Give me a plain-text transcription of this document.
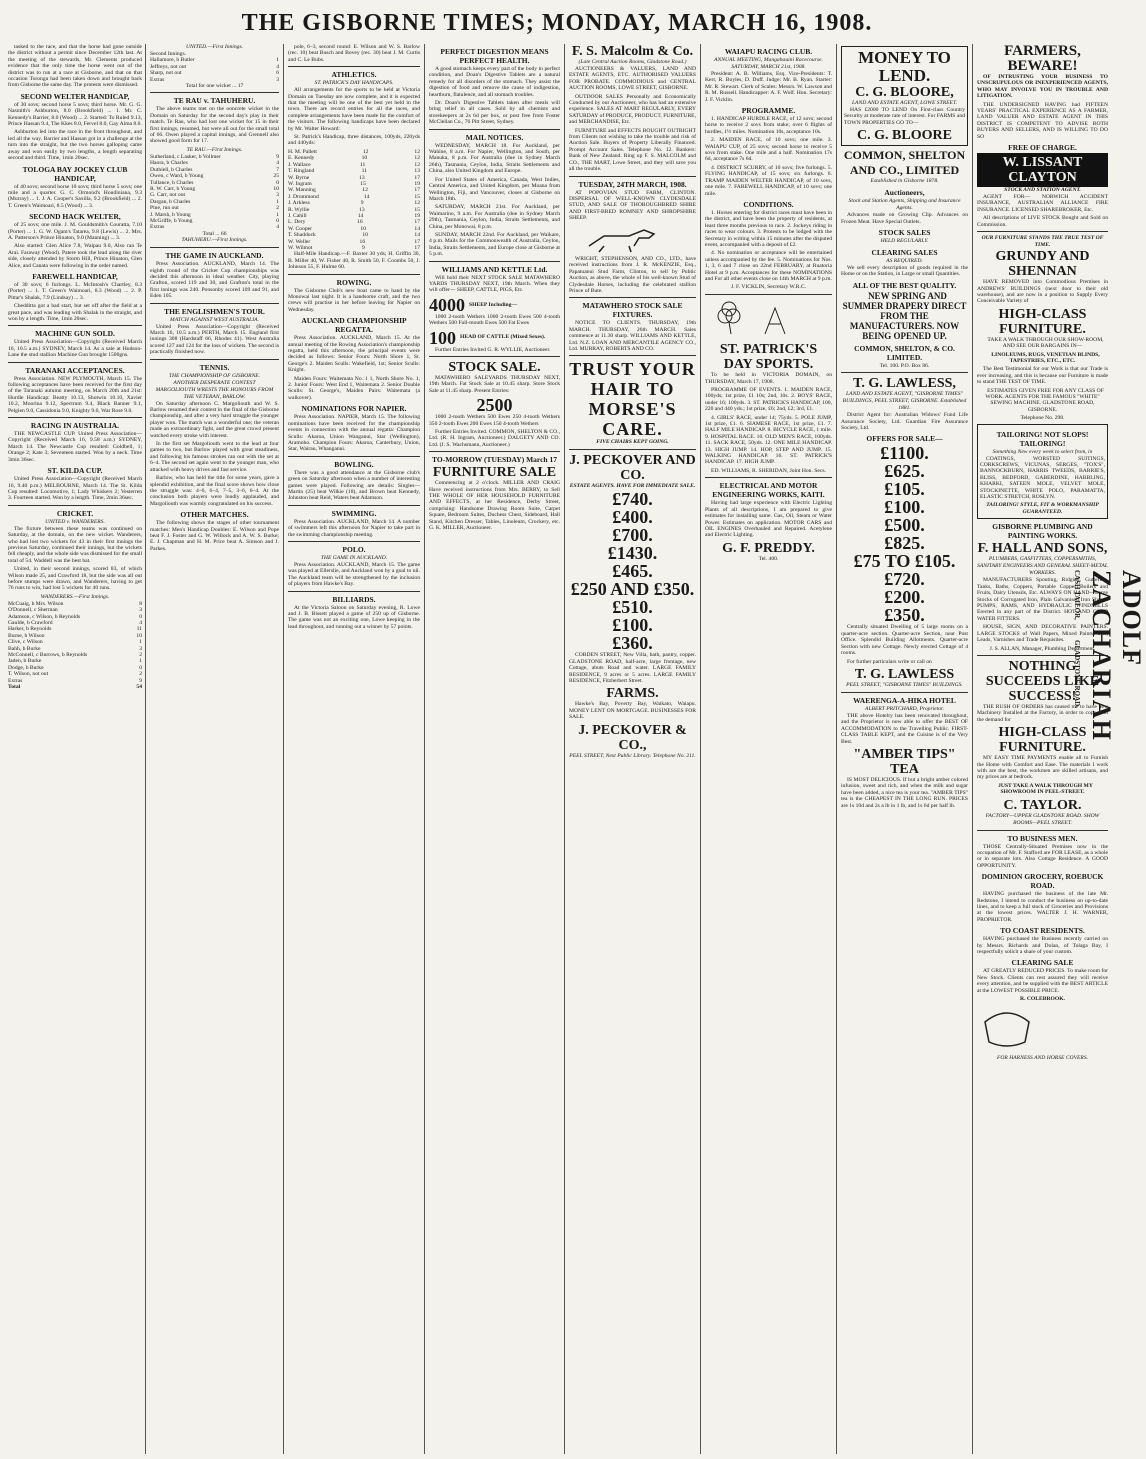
THE GISBORNE TIMES; MONDAY, MARCH 16, 1908.

tasked to the race, and that the horse had gone outside the district without a permit since December 12th last. At the meeting of the stewards, Mr. Clements produced evidence that the only time the horse went out of the district was to run at a race at Gisborne, and that on that occasion Toronga had been taken down and brought back from Gisborne the same day. The protests were dismissed.

SECOND WELTER HANDICAP,

of 30 sovs; second horse 5 sovs; third horse. Mr. G. G. Nasmith's Ashburton, 8.0 (Brookfield) ... 1. Mr. C. Kennedy's Barrier, 8.0 (Wood) ... 2. Started: To Ruled 9.13, Prince Hassan 9.4, The Kkes 8.0, Fervel 8.0, Gay Alma 8.0.

Ashburton led into the race in the front throughout, and led all the way. Barrier and Hassan got in a challenge at the turn into the straight, but the two horses galloping came away and won easily by two lengths, a length separating second and third. Time, 1min 20sec.

TOLOGA BAY JOCKEY CLUB HANDICAP,

of 40 sovs; second horse 10 sovs; third horse 5 sovs; one mile and a quarter. G. C. Ormond's Houdiniana, 9.3 (Murray) ... 1. J. A. Cooper's Saxilla, 9.2 (Brookfield) ... 2. T. Green's Waimoari, 8.5 (Wood) ... 3.

SECOND HACK WELTER,

of 25 sovs; one mile. J. M. Gouldsmith's Couratta, 7.10 (Porter) ... 1. G. W. Ogam's Tatarea, 9.8 (Lewis) ... 2. Mrs. A. Patterson's Prince Hinaton, 9.0 (Manning) ... 3.

Also started: Glen Alice 7.8, Waipau 9.0, Also ran Te Arai. Faraway (Wood). Patere took the lead along the river side, closely attended by Storm Hill, Prince Hinaton, Glen Alice, and Canata were following in the order named.

FAREWELL HANDICAP,

of 30 sovs; 6 furlongs. L. McIntosh's Chartley, 8.3 (Porter) ... 1. T. Green's Waimoari, 8.3 (Wood) ... 2. P. Pittar's Shalak, 7.9 (Lindsay) ... 3.

Chedditta got a bad start, but set off after the field at a great pace, and was leading with Shalak in the straight, and won by a length. Time, 1min 20sec.

MACHINE GUN SOLD.

United Press Association—Copyright (Received March 16, 10.5 a.m.) SYDNEY, March 14. As a sale at Hudson-Lane the stud stallion Machine Gun brought 1500gns.

TARANAKI ACCEPTANCES.

Press Association. NEW PLYMOUTH, March 15. The following acceptances have been received for the first day of the Taranaki autumn meeting, on March 20th and 21st: Hurdle Handicap: Beatty 10.13, Shotwin 10.10, Xavier 10.2, Moorina 9.12, Spectrum 9.4, Black Banner 9.1, Pelgien 9.0, Cassidonia 9.0, Knighty 9.0, War Rose 9.0.

RACING IN AUSTRALIA.

THE NEWCASTLE CUP. United Press Association—Copyright (Received March 16, 9.58 a.m.) SYDNEY, March 14. The Newcastle Cup resulted: Goldbell, 1; Orange 2; Kate 3; Seventeen started. Won by a neck. Time 3min 36sec.

ST. KILDA CUP.

United Press Association—Copyright (Received March 16, 9.40 p.m.) MELBOURNE, March 14. The St. Kilda Cup resulted: Locomotive, 1; Lady Whiskers 2; Vesterren 3. Fourteen started. Won by a length. Time, 2min 36sec.

CRICKET.
UNITED v. WANDERERS.

The fixture between these teams was continued on Saturday, at the domain, on the new wicket. Wanderers, who had lost two wickets for 43 in their first innings the previous Saturday, continued their innings, but the wickets fell cheaply, and the whole side was dismissed for the small total of 54. Waddell was the best bat.

United, in their second innings, scored 83, of which Wilson made 25, and Crawford 18, but the side was all out before stumps were drawn, and Wanderers, having to get 76 runs to win, had lost 5 wickets for 40 runs.

WANDERERS.—First Innings.
McCuaig, b Mrs. Wilson	8
O'Donnell, c Sherman	3
Adamson, c Wilson, b Reynolds	0
Gaulde, b Crawford	4
Harker, b Reynolds	11
Burne, b Wilson	10
Clive, c Wilson	1
Bahh, b Burke	3
McConnell, c Burrows, b Reynolds	2
Jaden, b Burke	1
Dodge, b Burke	0
T. Wilson, not out	2
Extras	9
Total	54
UNITED.—First Innings.
Second Innings.
Hallamore, b Butler	1
Jeffreys, not out	4
Sharp, not out	6
Extras	3
Total for one wicket ... 17
TE RAU v. TAHUHERU.

The above teams met on the ooncrete wicket in the Domain on Saturday for the second day's play in their match. Te Rau, who had lost one wicket for 15 in their first innings, resumed, but were all out for the small total of 66. Owen played a capital innings, and Grennell also showed good form for 17.

TE RAU.—First Innings.
Sutherland, c Lasker, b Vollmer	9
Haora, b Charles	4
Duthiell, b Charles	7
Owen, c Ward, b Young	25
Tullance, b Charles	0
R. W. Carr, b Young	10
G. Carr, not out	3
Dargan, b Charles	1
Pine, run out	2
J. Marsh, b Young	1
McGriffe, b Young	0
Extras	4
Total ... 66
TAHUHERU.—First Innings.
THE GAME IN AUCKLAND.

Press Association. AUCKLAND, March 14. The eighth round of the Cricket Cup championships was decided this afternoon in ideal weather. City, playing Grafton, scored 119 and 30, and Grafton's total in the first innings was 240. Ponsonby scored 109 and 91, and Eden 105.

THE ENGLISHMEN'S TOUR.
MATCH AGAINST WEST AUSTRALIA.

United Press Association—Copyright (Received March 16, 10.5 a.m.) PERTH, March 15. England first innings 308 (Hardstaff 66, Rhodes 41). West Australia scored 127 and 124 for the loss of wickets. The second is practically finished now.

TENNIS.
THE CHAMPIONSHIP OF GISBORNE.
ANOTHER DESPERATE CONTEST
MARGOLIOUTH WRESTS THE HONOURS FROM THE VETERAN, BARLOW.

On Saturday afternoon C. Margoliouth and W. S. Barlow resumed their contest in the final of the Gisborne championship, and after a very hard struggle the younger player won. The match was a wonderful one; the veteran made an extraordinary fight, and the great crowd present watched every stroke with interest.

In the first set Margoliouth went to the lead at four games to two, but Barlow played with great steadiness, and following his famous strokes ran out with the set at 6–4. The second set again went to the younger man, who attacked with heavy drives and fast service.

Barlow, who has held the title for some years, gave a splendid exhibition, and the final score shows how close the struggle was: 4–6, 6–4, 7–5, 3–6, 6–4. At the conclusion both players were loudly applauded, and Margoliouth was warmly congratulated on his success.

OTHER MATCHES.

The following shows the stages of other tournament matches: Men's Handicap Doubles: E. Wilson and Pope beat F. J. Foster and G. W. Willock and A. W. S. Burke; E. J. Chapman and H. M. Price beat A. Simson and J. Parkes.

pole, 6–3, second round: E. Wilson and W. S. Barlow (rec. 10) beat Busch and Bovey (rec. 30) beat J. M. Curtis and C. Le Bubs.

ATHLETICS.
ST. PATRICK'S DAY HANDICAPS.

All arrangements for the sports to be held at Victoria Domain on Tuesday are now complete, and it is expected that the meeting will be one of the best yet held in the town. There are record entries for all the races, and complete arrangements have been made for the comfort of the visitors. The following handicaps have been declared by Mr. Walter Howard:

St. Patrick's Handicap, three distances, 100yds, 220yds and 440yds:

H. M. Pallett	12	12
E. Kennedy	10	12
J. Wallace	11	12
T. Ringland	11	13
W. Byrne	13	17
W. Ingram	15	19
W. Manning	12	17
J. Drummond	14	15
J. Arkless	9	12
R. Wyllie	13	15
J. Cahill	14	19
L. Dery	16	17
W. Cooper	10	14
T. Shaddock	10	14
W. Weller	16	17
W. Wilmot	9	17

Half-Mile Handicap.—F. Baxter 30 yds; H. Griffin 30, B. Miller 40, W. Fisher 40, R. Smith 50, F. Coombs 50, J. Johnson 55, F. Hulme 60.

ROWING.

The Gisborne Club's new boat came to hand by the Monowai last night. It is a handsome craft, and the two crews will practise in her before leaving for Napier on Wednesday.

AUCKLAND CHAMPIONSHIP REGATTA.

Press Association. AUCKLAND, March 15. At the annual meeting of the Rowing Association's championship regatta, held this afternoon, the principal events were decided as follows: Senior Fours: North Shore 1, St. George's 2. Maiden Sculls: Wakefield, 1st; Senior Sculls: Knight.

Maiden Fours: Waitemata No. 1 1, North Shore No. 1, 2. Junior Fours: West End 1, Waitemata 2. Senior Double Sculls: St. George's, Maiden Pairs: Waitemata (a walkover).

NOMINATIONS FOR NAPIER.

Press Association. NAPIER, March 15. The following nominations have been received for the championship events in connection with the annual regatta: Champion Sculls: Akaroa, Union Wanganui, Star (Wellington), Aramoho. Champion Fours: Akaroa, Canterbury, Union, Star, Wairau, Whanganui.

BOWLING.

There was a good attendance at the Gisborne club's green on Saturday afternoon when a number of interesting games were played. Following are details: Singles—Martin (25) beat Wilkie (18), and Brown beat Kennedy, Johnston beat Reid, Waters beat Adamson.

SWIMMING.

Press Association. AUCKLAND, March 14. A number of swimmers left this afternoon for Napier to take part in the swimming championship meeting.

POLO.
THE GAME IN AUCKLAND.

Press Association. AUCKLAND, March 15. The game was played at Ellerslie, and Auckland won by a goal to nil. The Auckland team will be strengthened by the inclusion of players from Hawke's Bay.

BILLIARDS.

At the Victoria Saloon on Saturday evening, R. Lowe and J. B. Bissett played a game of 250 up of Gisborne. The game was not an exciting one, Lowe keeping in the lead throughout, and running out a winner by 57 points.

PERFECT DIGESTION MEANS PERFECT HEALTH.

A good stomach keeps every part of the body in perfect condition, and Doan's Digestive Tablets are a natural remedy for all disorders of the stomach. They assist the digestion of food and remove the cause of indigestion, heartburn, flatulence, and all stomach troubles.

Dr. Doan's Digestive Tablets taken after meals will bring relief in all cases. Sold by all chemists and storekeepers at 2s 6d per box, or post free from Foster McClellan Co., 76 Pitt Street, Sydney.

MAIL NOTICES.

WEDNESDAY, MARCH 18. For Auckland, per Wahine, 8 a.m. For Napier, Wellington, and South, per Manuka, 8 p.m. For Australia (due in Sydney March 26th), Tasmania, Ceylon, India, Straits Settlements and China, also United Kingdom and Europe.

For United States of America, Canada, West Indies, Central America, and United Kingdom, per Moana from Wellington, Fiji, and Vancouver, closes at Gisborne on March 18th.

SATURDAY, MARCH 21st. For Auckland, per Waimarino, 9 a.m. For Australia (due in Sydney March 29th), Tasmania, Ceylon, India, Straits Settlements, and China, per Monowai, 8 p.m.

SUNDAY, MARCH 22nd. For Auckland, per Waikare, 4 p.m. Mails for the Commonwealth of Australia, Ceylon, India, Straits Settlements, and Europe close at Gisborne at 5 p.m.

WILLIAMS AND KETTLE Ltd.

Will hold their NEXT STOCK SALE MATAWHERO YARDS THURSDAY NEXT, 19th March. When they will offer— SHEEP, CATTLE, PIGS, Etc.

4000 SHEEP Including—

1000 2-tooth Wethers 1000 2-tooth Ewes 500 4-tooth Wethers 500 Full-mouth Ewes 500 Fat Ewes

100 HEAD OF CATTLE (Mixed Sexes).

Further Entries Invited G. R. WYLLIE, Auctioneer.

STOCK SALE.

MATAWHERO SALEYARDS THURSDAY NEXT, 19th March. Fat Stock Sale at 10.45 sharp. Store Stock Sale at 11.45 sharp. Present Entries:

2500

1000 2-tooth Wethers 500 Ewes 250 4-tooth Wethers 350 2-tooth Ewes 200 Ewes 150 4-tooth Wethers

Further Entries Invited. COMMON, SHELTON & CO., Ltd. (R. H. Ingram, Auctioneer.) DALGETY AND CO. Ltd. (J. S. Wachsmann, Auctioneer.)

TO-MORROW (TUESDAY) March 17
FURNITURE SALE

Commencing at 2 o'clock. MILLER AND CRAIG Have received instructions from Mrs. BERRY, to Sell THE WHOLE OF HER HOUSEHOLD FURNITURE AND EFFECTS, at her Residence, Derby Street, comprising: Handsome Drawing Room Suite, Carpet Square, Bedroom Suites, Duchess Chest, Sideboard, Hall Stand, Kitchen Dresser, Tables, Linoleum, Crockery, etc. G. K. MILLER, Auctioneer.

F. S. Malcolm & Co.
(Late Central Auction Rooms, Gladstone Road.)

AUCTIONEERS & VALUERS, LAND AND ESTATE AGENTS, ETC. AUTHORISED VALUERS FOR PROBATE. COMMODIOUS and CENTRAL AUCTION ROOMS, LOWE STREET, GISBORNE.

OUTDOOR SALES Personally and Economically Conducted by our Auctioneer, who has had an extensive experience. SALES AT MART REGULARLY, EVERY SATURDAY of PRODUCE, PRODUCT, FURNITURE, and MERCHANDISE, Etc.

FURNITURE and EFFECTS BOUGHT OUTRIGHT from Clients not wishing to take the trouble and risk of Auction Sale. Buyers of Property Liberally Financed. Prompt Account Sales. Telephone No. 12. Bankers: Bank of New Zealand. Ring up F. S. MALCOLM and CO., THE MART, Lowe Street, and they will save you all the trouble.

TUESDAY, 24TH MARCH, 1908.

AT POPOVIAN STUD FARM, CLINTON. DISPERSAL OF WELL-KNOWN CLYDESDALE STUD, AND SALE OF THOROUGHBRED SHIRE AND FIRST-BRED ROMNEY AND SHROPSHIRE SHEEP.

WRIGHT, STEPHENSON, AND CO., LTD., have received instructions from J. R. McKENZIE, Esq., Papatuanui Stud Farm, Clinton, to sell by Public Auction, as above, the whole of his well-known Stud of Clydesdale Horses, including the celebrated stallion Prince of Bute.

MATAWHERO STOCK SALE FIXTURES.

NOTICE TO CLIENTS. THURSDAY, 19th MARCH. THURSDAY, 26th MARCH. Sales commence at 11.30 sharp. WILLIAMS AND KETTLE, Ltd. N.Z. LOAN AND MERCANTILE AGENCY CO., Ltd. MURRAY, ROBERTS AND CO.

TRUST YOUR HAIR TO MORSE'S CARE.
FIVE CHAIRS KEPT GOING.
J. PECKOVER AND CO.
ESTATE AGENTS. HAVE FOR IMMEDIATE SALE.
£740.
£400.
£700.
£1430.
£465.
£250 AND £350.
£510.
£100.
£360.

COBDEN STREET, New Villa, bath, pantry, copper. GLADSTONE ROAD, half-acre, large frontage, new Cottage, abuts Road and water. LARGE FAMILY RESIDENCE, 9 acres or 5 acres. LARGE FAMILY RESIDENCE, Fitzherbert Street.

FARMS.

Hawke's Bay, Poverty Bay, Waikato, Waiapu. MONEY LENT ON MORTGAGE. BUSINESSES FOR SALE.

J. PECKOVER & CO.,
PEEL STREET, Next Public Library. Telephone No. 211.
WAIAPU RACING CLUB.
ANNUAL MEETING, Mangahauini Racecourse. SATURDAY, MARCH 21st, 1908.

President: A. B. Williams, Esq. Vice-Presidents: T. Kerr, R. Boyles, D. Duff. Judge: Mr. B. Ryan. Starter: Mr. R. Stewart. Clerk of Scales: Messrs. W. Lawson and R. M. Russell. Handicapper: A. F. Wolf. Hon. Secretary: J. F. Vicklin.

PROGRAMME.

1. HANDICAP HURDLE RACE, of 12 sovs; second horse to receive 2 sovs from stake; over 6 flights of hurdles, 1½ miles. Nomination 10s, acceptance 10s.

2. MAIDEN RACE, of 10 sovs; one mile. 3. WAIAPU CUP, of 25 sovs; second horse to receive 5 sovs from stake. One mile and a half. Nomination 17s 6d, acceptance 7s 6d.

4. DISTRICT SCURRY, of 10 sovs; five furlongs. 5. FLYING HANDICAP, of 15 sovs; six furlongs. 6. TRAMP MAIDEN WELTER HANDICAP, of 10 sovs, one mile. 7. FAREWELL HANDICAP, of 10 sovs; one mile.

CONDITIONS.

1. Horses entering for district races must have been in the district, and have been the property of residents, at least three months previous to race. 2. Jockeys riding in races to wear colours. 3. Protests to be lodged with the Secretary in writing within 15 minutes after the disputed event, accompanied with a deposit of £2.

4. No nomination or acceptance will be entertained unless accompanied by the fee. 5. Nominations for Nos. 1, 3, 6 and 7 close on 22nd FEBRUARY, at Ruatoria Hotel at 9 p.m. Acceptances for these NOMINATIONS and For all other events close on 14th MARCH at 9 p.m.

J. F. VICKLIN, Secretary W.R.C.
ST. PATRICK'S DAY SPORTS.

To be held in VICTORIA DOMAIN, on THURSDAY, March 17, 1908.

PROGRAMME OF EVENTS. 1. MAIDEN RACE, 100yds; 1st prize, £1 10s; 2nd, 10s. 2. BOYS' RACE, under 16; 100yds. 3. ST. PATRICK'S HANDICAP, 100, 220 and 440 yds.; 1st prize, £6; 2nd, £2; 3rd, £1.

4. GIRLS' RACE, under 14; 75yds. 5. POLE JUMP, 1st prize, £1. 6. SIAMESE RACE, 1st prize, £1. 7. HALF MILE HANDICAP. 8. BICYCLE RACE, 1 mile. 9. HOSPITAL RACE. 10. OLD MEN'S RACE, 100yds. 11. SACK RACE, 50yds. 12. ONE MILE HANDICAP. 13. HIGH JUMP. 14. HOP, STEP AND JUMP. 15. WALKING HANDICAP. 16. ST. PATRICK'S HANDICAP. 17. HIGH JUMP.

ED. WILLIAMS, R. SHERIDAN, Joint Hon. Secs.
ELECTRICAL AND MOTOR ENGINEERING WORKS, KAITI.

Having had large experience with Electric Lighting Plants of all descriptions, I am prepared to give estimates for installing same. Gas, Oil, Steam or Water Power. Estimates on application. MOTOR CARS and OIL ENGINES Overhauled and Repaired. Acetylene and Electric Lighting.

G. F. PREDDY.
Tel. 400.
MONEY TO LEND.
C. G. BLOORE,
LAND AND ESTATE AGENT, LOWE STREET.

HAS £2000 TO LEND On First-class Country Security at moderate rate of interest. For FARMS and TOWN PROPERTIES GO TO—

C. G. BLOORE
COMMON, SHELTON AND CO., LIMITED
Established in Gisborne 1878.
Auctioneers,
Stock and Station Agents, Shipping and Insurance Agents.

Advances made on Growing Clip. Advances on Frozen Meat. Have Special Outlets.

STOCK SALES
HELD REGULARLY.
CLEARING SALES
AS REQUIRED.

We sell every description of goods required in the Home or on the Station, in Large or small Quantities.

ALL OF THE BEST QUALITY.

NEW SPRING AND SUMMER DRAPERY DIRECT FROM THE MANUFACTURERS. NOW BEING OPENED UP.

COMMON, SHELTON, & CO. LIMITED.
Tel. 100. P.O. Box 86.
T. G. LAWLESS,
LAND AND ESTATE AGENT, "GISBORNE TIMES" BUILDINGS, PEEL STREET, GISBORNE. Established 1881.

District Agent for: Australian Widows' Fund Life Assurance Society, Ltd. Guardian Fire Assurance Society, Ltd.

OFFERS FOR SALE—
£1100.
£625.
£105.
£100.
£500.
£825.
£75 TO £105.
£720.
£200.
£350.

Centrally situated Dwelling of 5 large rooms on a quarter-acre section. Quarter-acre Section, near Post Office. Splendid Building Allotments. Quarter-acre Section with new Cottage. Newly erected Cottage of 4 rooms.

For further particulars write or call on

T. G. LAWLESS
PEEL STREET, "GISBORNE TIMES" BUILDINGS.
WAERENGA-A-HIKA HOTEL
ALBERT PRITCHARD, Proprietor.

THE above Hotelry has been renovated throughout, and the Proprietor is now able to offer the BEST OF ACCOMMODATION to the Travelling Public. FIRST-CLASS TABLE KEPT, and the Cuisine is of the Very Best.

"AMBER TIPS" TEA

IS MOST DELICIOUS. If but a bright amber colored infusion, sweet and rich, and when the milk and sugar have been added, a nice tea is your tea. "AMBER TIPS" tea is the CHEAPEST IN THE LONG RUN. PRICES are 1s 10d and 2s a lb in 1 lb, and 1s 6d per half lb.

FARMERS, BEWARE!

OF INTRUSTING YOUR BUSINESS TO UNSCRUPULOUS OR INEXPERIENCED AGENTS, WHO MAY INVOLVE YOU IN TROUBLE AND LITIGATION.

THE UNDERSIGNED HAVING had FIFTEEN YEARS' PRACTICAL EXPERIENCE AS A FARMER, LAND VALUER AND ESTATE AGENT IN THIS DISTRICT IS COMPETENT TO ADVISE BOTH BUYERS AND SELLERS, AND IS WILLING TO DO SO

FREE OF CHARGE.
W. LISSANT CLAYTON
STOCK AND STATION AGENT.

AGENT FOR— NORWICH ACCIDENT INSURANCE, AUSTRALIAN ALLIANCE FIRE INSURANCE. LICENSED SHAREBROKER, Etc.

All descriptions of LIVE STOCK Bought and Sold on Commission.

OUR FURNITURE STANDS THE TRUE TEST OF TIME.
GRUNDY AND SHENNAN

HAVE REMOVED into Commodious Premises in ANDREWS' BUILDINGS (next door to their old warehouse), and are now in a position to Supply Every Conceivable Variety of

HIGH-CLASS FURNITURE.

TAKE A WALK THROUGH OUR SHOW-ROOM, AND SEE OUR BARGAINS IN—

LINOLEUMS, RUGS, VENETIAN BLINDS, TAPESTRIES, ETC., ETC.

The Best Testimonial for our Work is that our Trade is ever increasing, and this is because our Furniture is made to stand THE TEST OF TIME.

ESTIMATES GIVEN FREE FOR ANY CLASS OF WORK. AGENTS FOR THE FAMOUS "WHITE" SEWING MACHINE. GLADSTONE ROAD, GISBORNE.

Telephone No. 298.
TAILORING! NOT SLOPS! TAILORING!
Something New every week to select from, in

COATINGS, WORSTED SUITINGS, CORKSCREWS, VICUNAS, SERGES, "TOX'S", BANNOCKBURN, HARRIS TWEEDS, BARRIE'S, BLISS, BEDFORD, GABERDINE, HABBLING, KHARKI, SATEEN MOLE, VELVET MOLE, STOCKINETTE, WHITE POLO, PARAMATTA, ELASTIC STRETCH, ROSLYN.

TAILORING! STYLE, FIT & WORKMANSHIP GUARANTEED.
GISBORNE PLUMBING AND PAINTING WORKS.
F. HALL AND SONS,
PLUMBERS, GASFITTERS, COPPERSMITHS, SANITARY ENGINEERS AND GENERAL SHEET-METAL WORKERS.

MANUFACTURERS Spouting, Ridging, Guttering, Tanks, Baths, Coppers, Portable Copper Boilers and Fruits, Dairy Utensils, Etc. ALWAYS ON HAND—Large Stocks of Corrugated Iron, Plain Galvanised Iron Sheets. PUMPS, RAMS, AND HYDRAULIC WINDMILLS Erected in any part of the District. HOT AND COLD WATER FITTERS.

HOUSE, SIGN, AND DECORATIVE PAINTERS. LARGE STOCKS of Wall Papers, Mixed Paints, Oils, Leads, Varnishes and Trade Requisites.

J. S. ALLAN, Manager, Plumbing Department.
NOTHING SUCCEEDS LIKE SUCCESS!

THE RUSH OF ORDERS has caused me to have new Machinery Installed at the Factory, in order to cope with the demand for

HIGH-CLASS FURNITURE.

MY EASY TIME PAYMENTS enable all to Furnish the Home with Comfort and Ease. The materials I work with are the best, the workmen are skilled artisans, and my prices are at bedrock.

JUST TAKE A WALK THROUGH MY SHOWROOM IN PEEL-STREET.

C. TAYLOR.
FACTORY—UPPER GLADSTONE ROAD. SHOW ROOMS—PEEL STREET.
TO BUSINESS MEN.

THOSE Centrally-Situated Premises now in the occupation of Mr. F. Stafford are FOR LEASE, as a whole or in separate lots. Also Cottage Residence. A GOOD OPPORTUNITY.

DOMINION GROCERY, ROEBUCK ROAD.

HAVING purchased the business of the late Mr. Redstone, I intend to conduct the business on up-to-date lines, and to keep a full stock of Groceries and Provisions at the lowest prices. WALTER J. H. WARNER, PROPRIETOR.

TO COAST RESIDENTS.

HAVING purchased the Business recently carried on by Messrs. Richards and Dolan, of Tolaga Bay, I respectfully solicit a share of your custom.

CLEARING SALE

AT GREATLY REDUCED PRICES. To make room for New Stock. Clients can rest assured they will receive every attention, and be supplied with the BEST ARTICLE at the LOWEST POSSIBLE PRICE.

R. COLEBROOK.
FOR HARNESS AND HORSE COVERS.
ADOLF ZACHARIAH
CASH TAILOR,
GLADSTONE ROAD.
